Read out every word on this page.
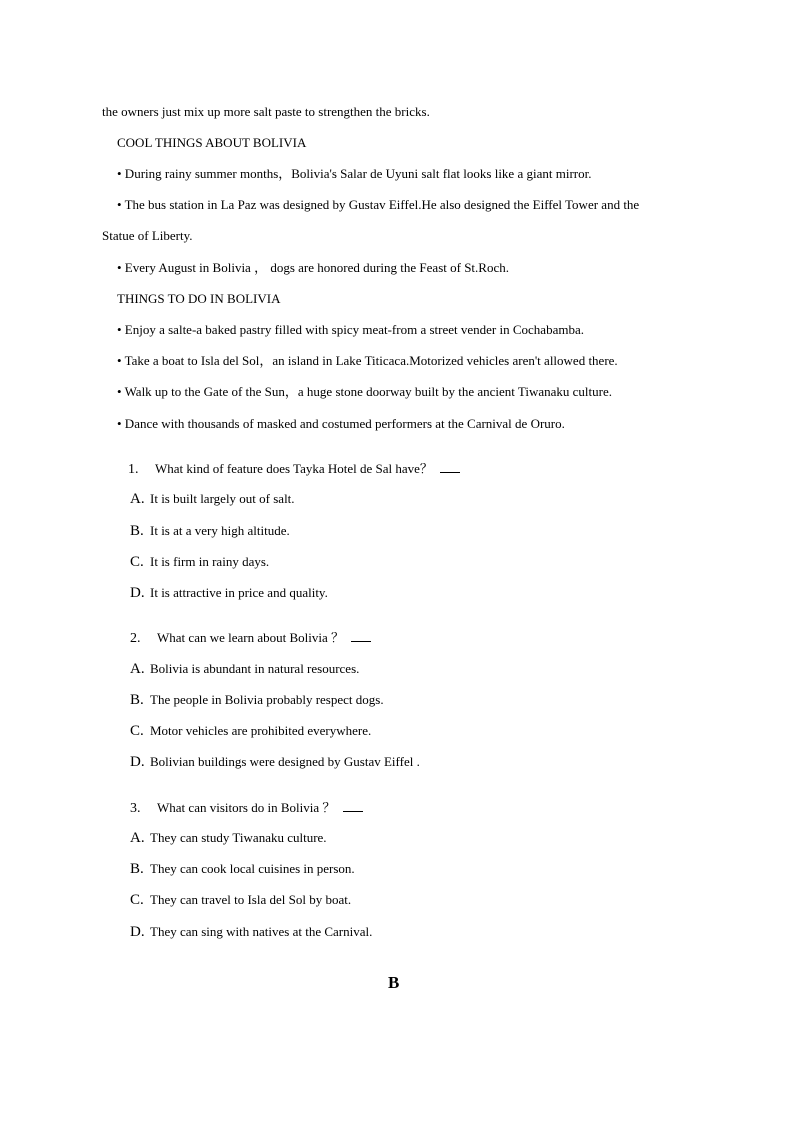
the owners just mix up more salt paste to strengthen the bricks.
COOL THINGS ABOUT BOLIVIA
• During rainy summer months，Bolivia's Salar de Uyuni salt flat looks like a giant mirror.
• The bus station in La Paz was designed by Gustav Eiffel.He also designed the Eiffel Tower and the
Statue of Liberty.
• Every August in Bolivia ， dogs are honored during the Feast of St.Roch.
THINGS TO DO IN BOLIVIA
• Enjoy a salte-a baked pastry filled with spicy meat-from a street vender in Cochabamba.
• Take a boat to Isla del Sol，an island in Lake Titicaca.Motorized vehicles aren't allowed there.
• Walk up to the Gate of the Sun，a huge stone doorway built by the ancient Tiwanaku culture.
• Dance with thousands of masked and costumed performers at the Carnival de Oruro.
1. What kind of feature does Tayka Hotel de Sal have？
A. It is built largely out of salt.
B. It is at a very high altitude.
C. It is firm in rainy days.
D. It is attractive in price and quality.
2. What can we learn about Bolivia ？
A. Bolivia is abundant in natural resources.
B. The people in Bolivia probably respect dogs.
C. Motor vehicles are prohibited everywhere.
D. Bolivian buildings were designed by Gustav Eiffel .
3. What can visitors do in Bolivia ？
A. They can study Tiwanaku culture.
B. They can cook local cuisines in person.
C. They can travel to Isla del Sol by boat.
D. They can sing with natives at the Carnival.
B
